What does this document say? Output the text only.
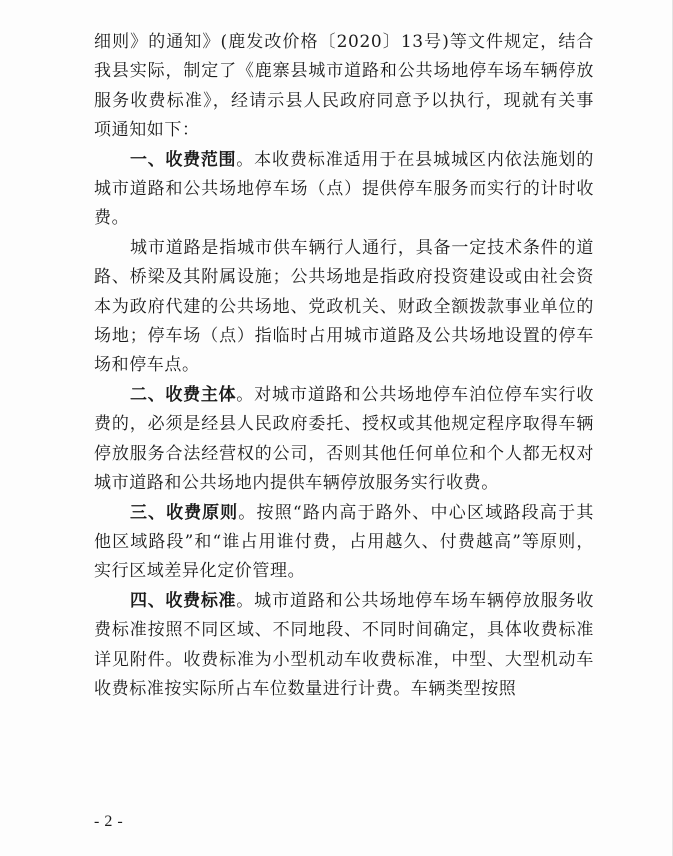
细则》的通知》(鹿发改价格〔2020〕13号)等文件规定，结合我县实际，制定了《鹿寨县城市道路和公共场地停车场车辆停放服务收费标准》，经请示县人民政府同意予以执行，现就有关事项通知如下：

一、收费范围。本收费标准适用于在县城城区内依法施划的城市道路和公共场地停车场（点）提供停车服务而实行的计时收费。

城市道路是指城市供车辆行人通行，具备一定技术条件的道路、桥梁及其附属设施；公共场地是指政府投资建设或由社会资本为政府代建的公共场地、党政机关、财政全额拨款事业单位的场地；停车场（点）指临时占用城市道路及公共场地设置的停车场和停车点。

二、收费主体。对城市道路和公共场地停车泊位停车实行收费的，必须是经县人民政府委托、授权或其他规定程序取得车辆停放服务合法经营权的公司，否则其他任何单位和个人都无权对城市道路和公共场地内提供车辆停放服务实行收费。

三、收费原则。按照“路内高于路外、中心区域路段高于其他区域路段”和“谁占用谁付费，占用越久、付费越高”等原则，实行区域差异化定价管理。

四、收费标准。城市道路和公共场地停车场车辆停放服务收费标准按照不同区域、不同地段、不同时间确定，具体收费标准详见附件。收费标准为小型机动车收费标准，中型、大型机动车收费标准按实际所占车位数量进行计费。车辆类型按照

- 2 -
